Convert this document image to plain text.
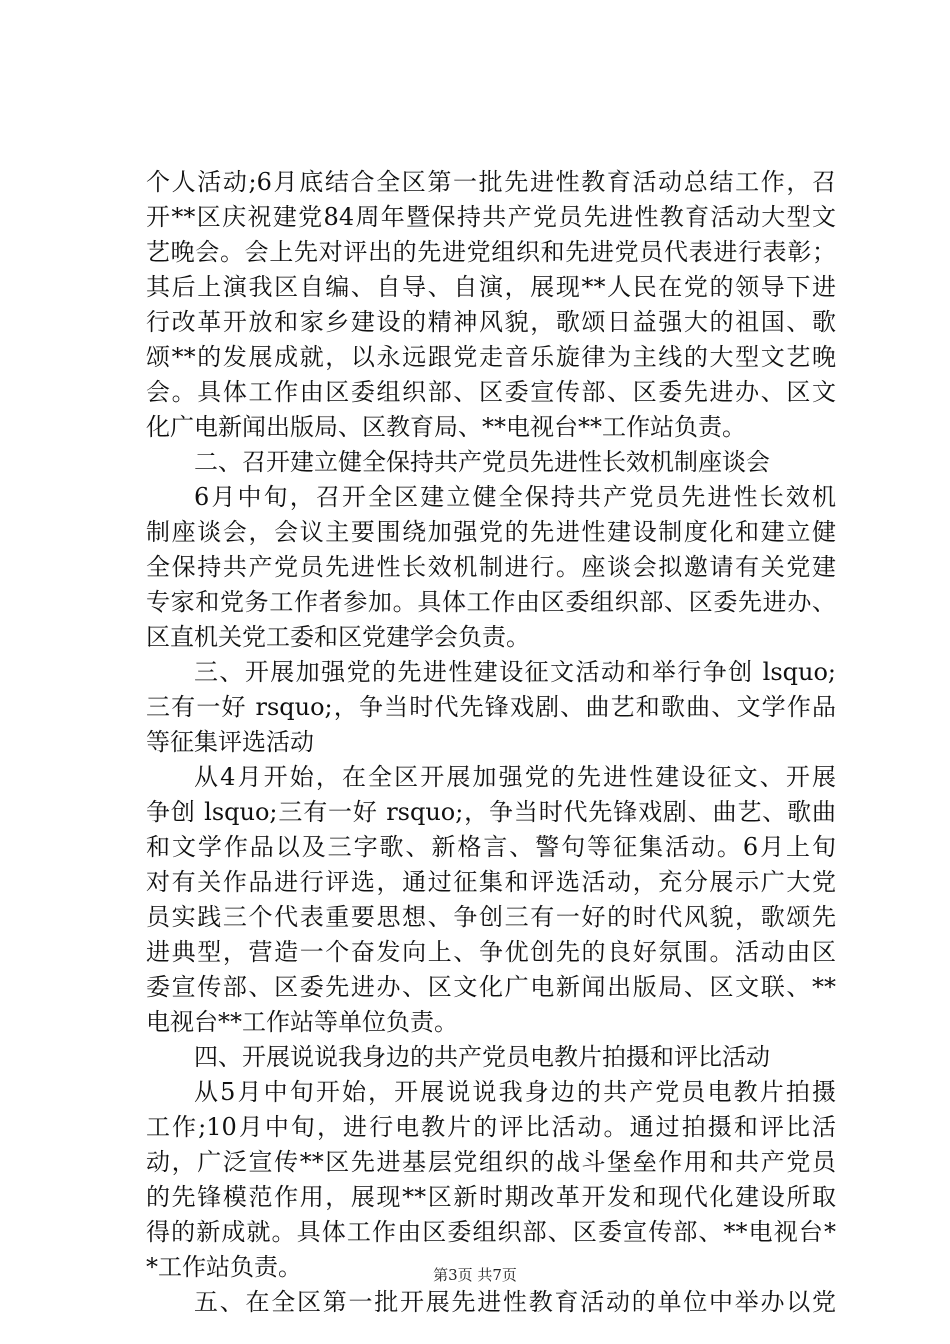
个人活动;6月底结合全区第一批先进性教育活动总结工作，召
开**区庆祝建党84周年暨保持共产党员先进性教育活动大型文
艺晚会。会上先对评出的先进党组织和先进党员代表进行表彰；
其后上演我区自编、自导、自演，展现**人民在党的领导下进
行改革开放和家乡建设的精神风貌，歌颂日益强大的祖国、歌
颂**的发展成就，以永远跟党走音乐旋律为主线的大型文艺晚
会。具体工作由区委组织部、区委宣传部、区委先进办、区文
化广电新闻出版局、区教育局、**电视台**工作站负责。
二、召开建立健全保持共产党员先进性长效机制座谈会
6月中旬，召开全区建立健全保持共产党员先进性长效机
制座谈会，会议主要围绕加强党的先进性建设制度化和建立健
全保持共产党员先进性长效机制进行。座谈会拟邀请有关党建
专家和党务工作者参加。具体工作由区委组织部、区委先进办、
区直机关党工委和区党建学会负责。
三、开展加强党的先进性建设征文活动和举行争创 lsquo;
三有一好 rsquo;，争当时代先锋戏剧、曲艺和歌曲、文学作品
等征集评选活动
从4月开始，在全区开展加强党的先进性建设征文、开展
争创 lsquo;三有一好 rsquo;，争当时代先锋戏剧、曲艺、歌曲
和文学作品以及三字歌、新格言、警句等征集活动。6月上旬
对有关作品进行评选，通过征集和评选活动，充分展示广大党
员实践三个代表重要思想、争创三有一好的时代风貌，歌颂先
进典型，营造一个奋发向上、争优创先的良好氛围。活动由区
委宣传部、区委先进办、区文化广电新闻出版局、区文联、**
电视台**工作站等单位负责。
四、开展说说我身边的共产党员电教片拍摄和评比活动
从5月中旬开始，开展说说我身边的共产党员电教片拍摄
工作;10月中旬，进行电教片的评比活动。通过拍摄和评比活
动，广泛宣传**区先进基层党组织的战斗堡垒作用和共产党员
的先锋模范作用，展现**区新时期改革开发和现代化建设所取
得的新成就。具体工作由区委组织部、区委宣传部、**电视台*
*工作站负责。
五、在全区第一批开展先进性教育活动的单位中举办以党
第3页 共7页
